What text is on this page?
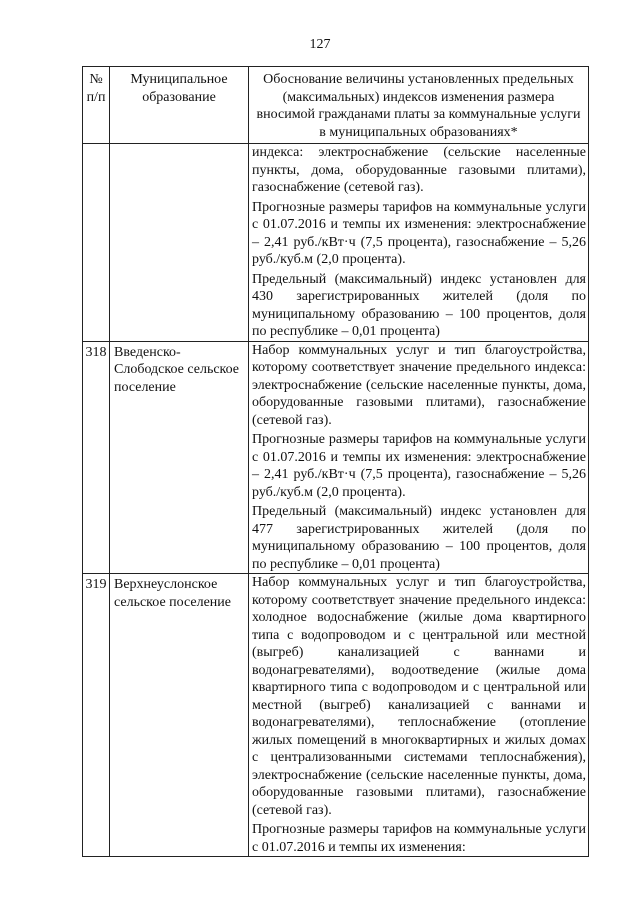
127
№ п/п	Муниципальное образование	Обоснование величины установленных предельных (максимальных) индексов изменения размера вносимой гражданами платы за коммунальные услуги в муниципальных образованиях*

		индекса: электроснабжение (сельские населенные пункты, дома, оборудованные газовыми плитами), газоснабжение (сетевой газ).
Прогнозные размеры тарифов на коммунальные услуги с 01.07.2016 и темпы их изменения: электроснабжение – 2,41 руб./кВт·ч (7,5 процента), газоснабжение – 5,26 руб./куб.м (2,0 процента).
Предельный (максимальный) индекс установлен для 430 зарегистрированных жителей (доля по муниципальному образованию – 100 процентов, доля по республике – 0,01 процента)

318	Введенско-Слободское сельское поселение	Набор коммунальных услуг и тип благоустройства, которому соответствует значение предельного индекса: электроснабжение (сельские населенные пункты, дома, оборудованные газовыми плитами), газоснабжение (сетевой газ).
Прогнозные размеры тарифов на коммунальные услуги с 01.07.2016 и темпы их изменения: электроснабжение – 2,41 руб./кВт·ч (7,5 процента), газоснабжение – 5,26 руб./куб.м (2,0 процента).
Предельный (максимальный) индекс установлен для 477 зарегистрированных жителей (доля по муниципальному образованию – 100 процентов, доля по республике – 0,01 процента)

319	Верхнеуслонское сельское поселение	Набор коммунальных услуг и тип благоустройства, которому соответствует значение предельного индекса: холодное водоснабжение (жилые дома квартирного типа с водопроводом и с центральной или местной (выгреб) канализацией с ваннами и водонагревателями), водоотведение (жилые дома квартирного типа с водопроводом и с центральной или местной (выгреб) канализацией с ваннами и водонагревателями), теплоснабжение (отопление жилых помещений в многоквартирных и жилых домах с централизованными системами теплоснабжения), электроснабжение (сельские населенные пункты, дома, оборудованные газовыми плитами), газоснабжение (сетевой газ).
Прогнозные размеры тарифов на коммунальные услуги с 01.07.2016 и темпы их изменения:
